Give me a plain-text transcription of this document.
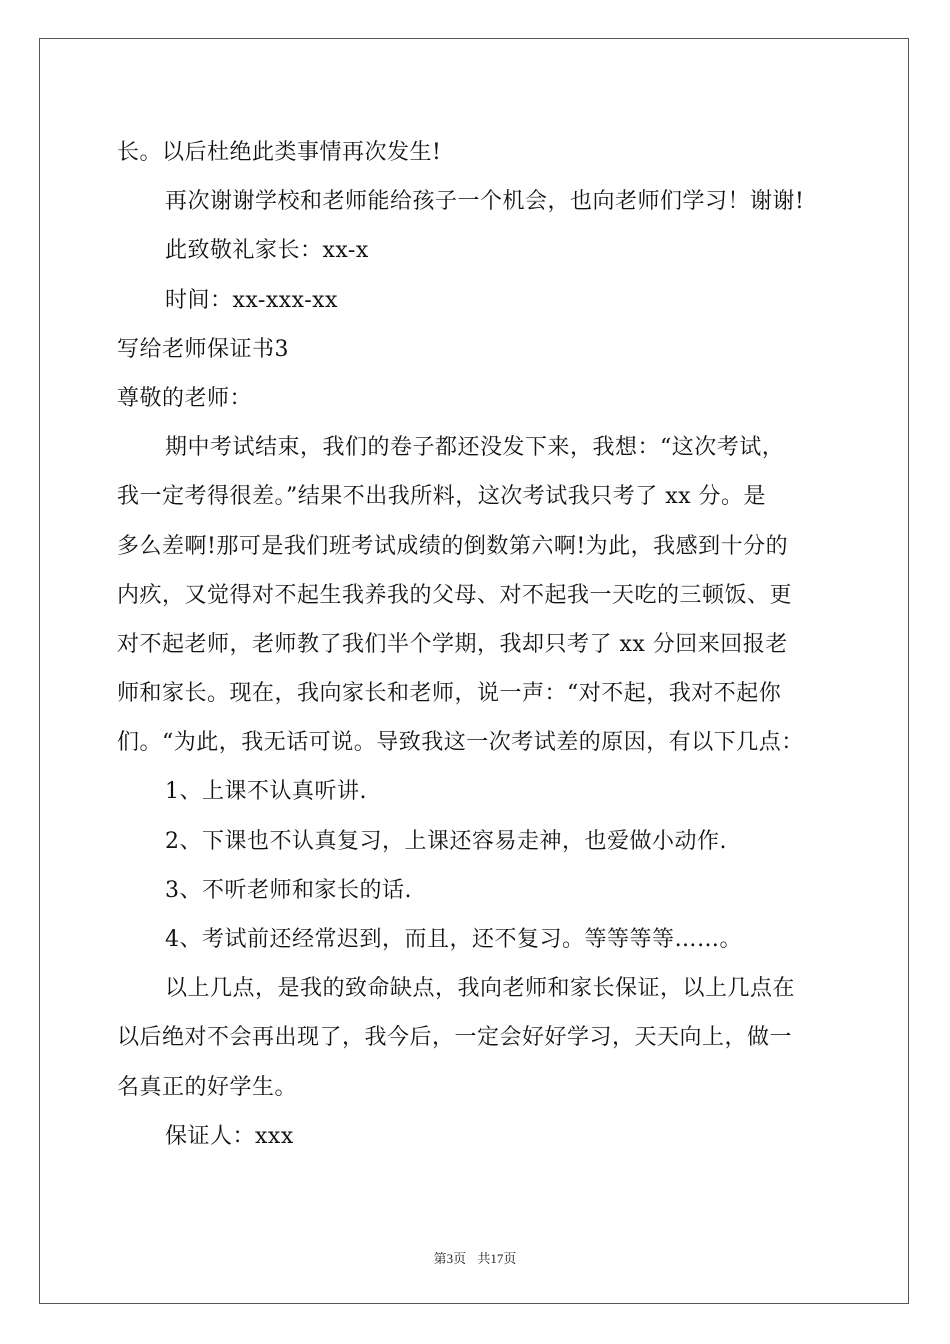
长。以后杜绝此类事情再次发生!
再次谢谢学校和老师能给孩子一个机会，也向老师们学习！谢谢!
此致敬礼家长：xx-x
时间：xx-xxx-xx
写给老师保证书3
尊敬的老师：
期中考试结束，我们的卷子都还没发下来，我想：“这次考试，
我一定考得很差。”结果不出我所料，这次考试我只考了 xx 分。是
多么差啊!那可是我们班考试成绩的倒数第六啊!为此，我感到十分的
内疚，又觉得对不起生我养我的父母、对不起我一天吃的三顿饭、更
对不起老师，老师教了我们半个学期，我却只考了 xx 分回来回报老
师和家长。现在，我向家长和老师，说一声：“对不起，我对不起你
们。“为此，我无话可说。导致我这一次考试差的原因，有以下几点：
1、上课不认真听讲.
2、下课也不认真复习，上课还容易走神，也爱做小动作.
3、不听老师和家长的话.
4、考试前还经常迟到，而且，还不复习。等等等等……。
以上几点，是我的致命缺点，我向老师和家长保证，以上几点在
以后绝对不会再出现了，我今后，一定会好好学习，天天向上，做一
名真正的好学生。
保证人：xxx
第3页 共17页
